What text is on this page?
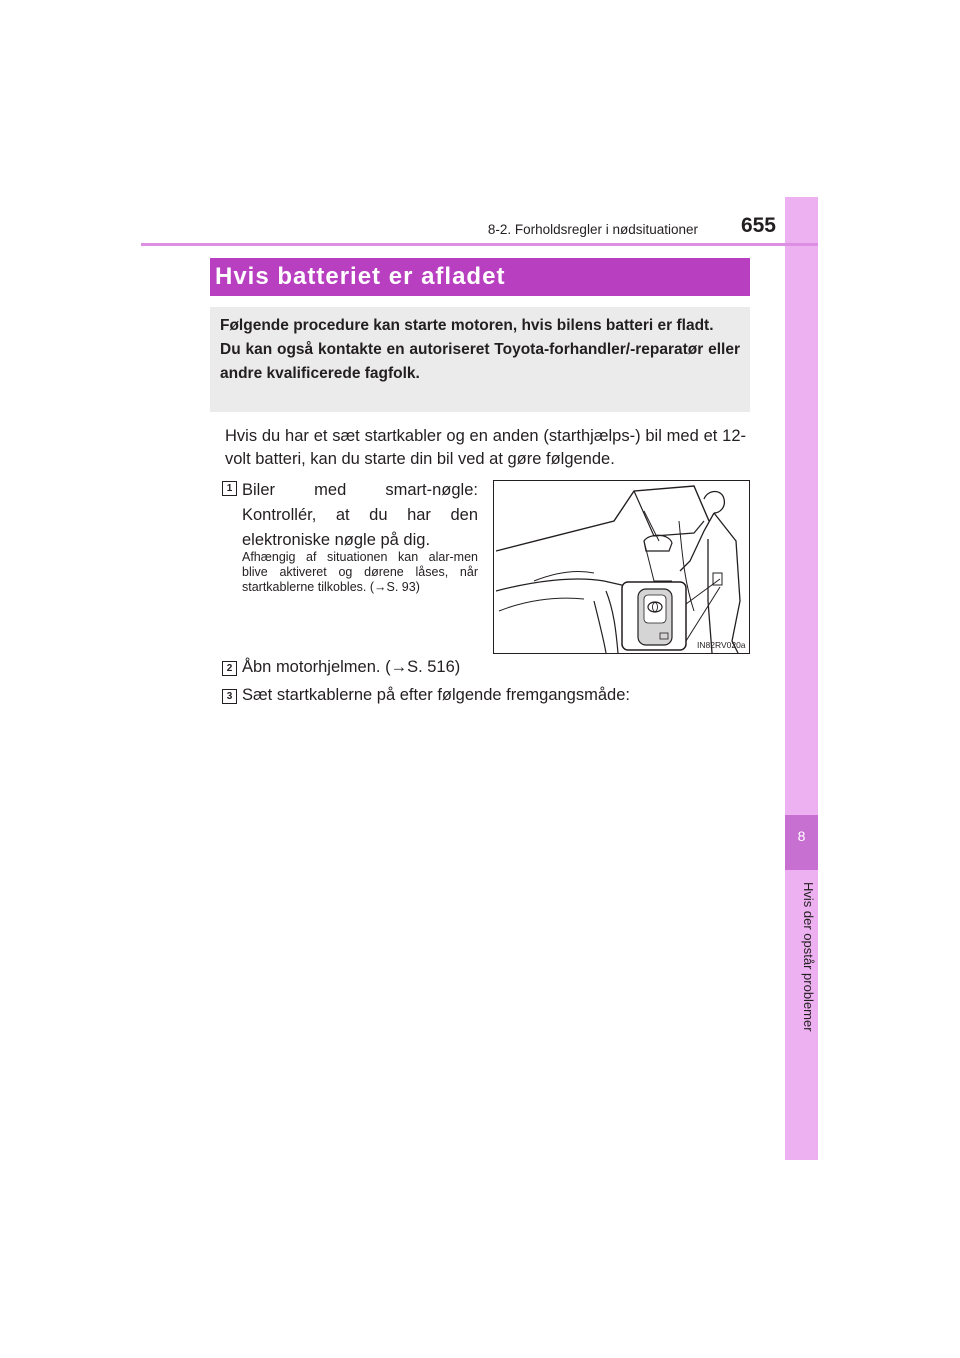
8
Hvis der opstår problemer
8-2. Forholdsregler i nødsituationer	655
Hvis batteriet er afladet

Følgende procedure kan starte motoren, hvis bilens batteri er fladt.

Du kan også kontakte en autoriseret Toyota-forhandler/-reparatør eller andre kvalificerede fagfolk.

Hvis du har et sæt startkabler og en anden (starthjælps-) bil med et 12-volt batteri, kan du starte din bil ved at gøre følgende.

1 Biler med smart-nøgle: Kontrollér, at du har den elektroniske nøgle på dig.

Afhængig af situationen kan alar-men blive aktiveret og dørene låses, når startkablerne tilkobles. (→S. 93)

IN82RV020a
2 Åbn motorhjelmen. (→S. 516)

3 Sæt startkablerne på efter følgende fremgangsmåde:
